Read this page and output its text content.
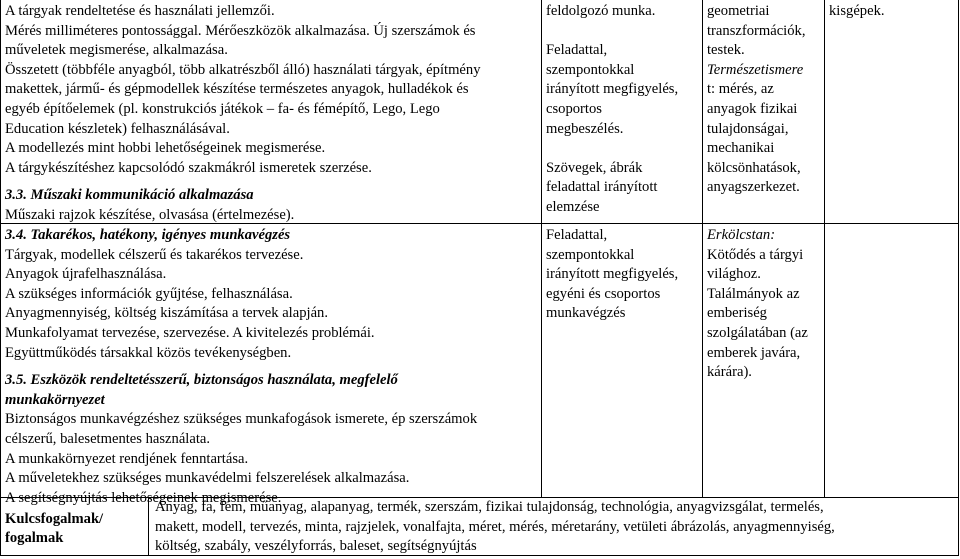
A tárgyak rendeltetése és használati jellemzői.
Mérés milliméteres pontossággal. Mérőeszközök alkalmazása. Új szerszámok és
műveletek megismerése, alkalmazása.
Összetett (többféle anyagból, több alkatrészből álló) használati tárgyak, építmény
makettek, jármű- és gépmodellek készítése természetes anyagok, hulladékok és
egyéb építőelemek (pl. konstrukciós játékok – fa- és fémépítő, Lego, Lego
Education készletek) felhasználásával.
A modellezés mint hobbi lehetőségeinek megismerése.
A tárgykészítéshez kapcsolódó szakmákról ismeretek szerzése.
3.3. Műszaki kommunikáció alkalmazása
Műszaki rajzok készítése, olvasása (értelmezése).
3.4. Takarékos, hatékony, igényes munkavégzés
Tárgyak, modellek célszerű és takarékos tervezése.
Anyagok újrafelhasználása.
A szükséges információk gyűjtése, felhasználása.
Anyagmennyiség, költség kiszámítása a tervek alapján.
Munkafolyamat tervezése, szervezése. A kivitelezés problémái.
Együttműködés társakkal közös tevékenységben.
3.5. Eszközök rendeltetésszerű, biztonságos használata, megfelelő
munkakörnyezet
Biztonságos munkavégzéshez szükséges munkafogások ismerete, ép szerszámok
célszerű, balesetmentes használata.
A munkakörnyezet rendjének fenntartása.
A műveletekhez szükséges munkavédelmi felszerelések alkalmazása.
A segítségnyújtás lehetőségeinek megismerése.
feldolgozó munka.

Feladattal,
szempontokkal
irányított megfigyelés,
csoportos
megbeszélés.

Szövegek, ábrák
feladattal irányított
elemzése
Feladattal,
szempontokkal
irányított megfigyelés,
egyéni és csoportos
munkavégzés
geometriai
transzformációk,
testek.
Természetismere
t: mérés, az
anyagok fizikai
tulajdonságai,
mechanikai
kölcsönhatások,
anyagszerkezet.
Erkölcstan:
Kötődés a tárgyi
világhoz.
Találmányok az
emberiség
szolgálatában (az
emberek javára,
kárára).
kisgépek.
Kulcsfogalmak/
fogalmak
Anyag, fa, fém, műanyag, alapanyag, termék, szerszám, fizikai tulajdonság, technológia, anyagvizsgálat, termelés,
makett, modell, tervezés, minta, rajzjelek, vonalfajta, méret, mérés, méretarány, vetületi ábrázolás, anyagmennyiség,
költség, szabály, veszélyforrás, baleset, segítségnyújtás
